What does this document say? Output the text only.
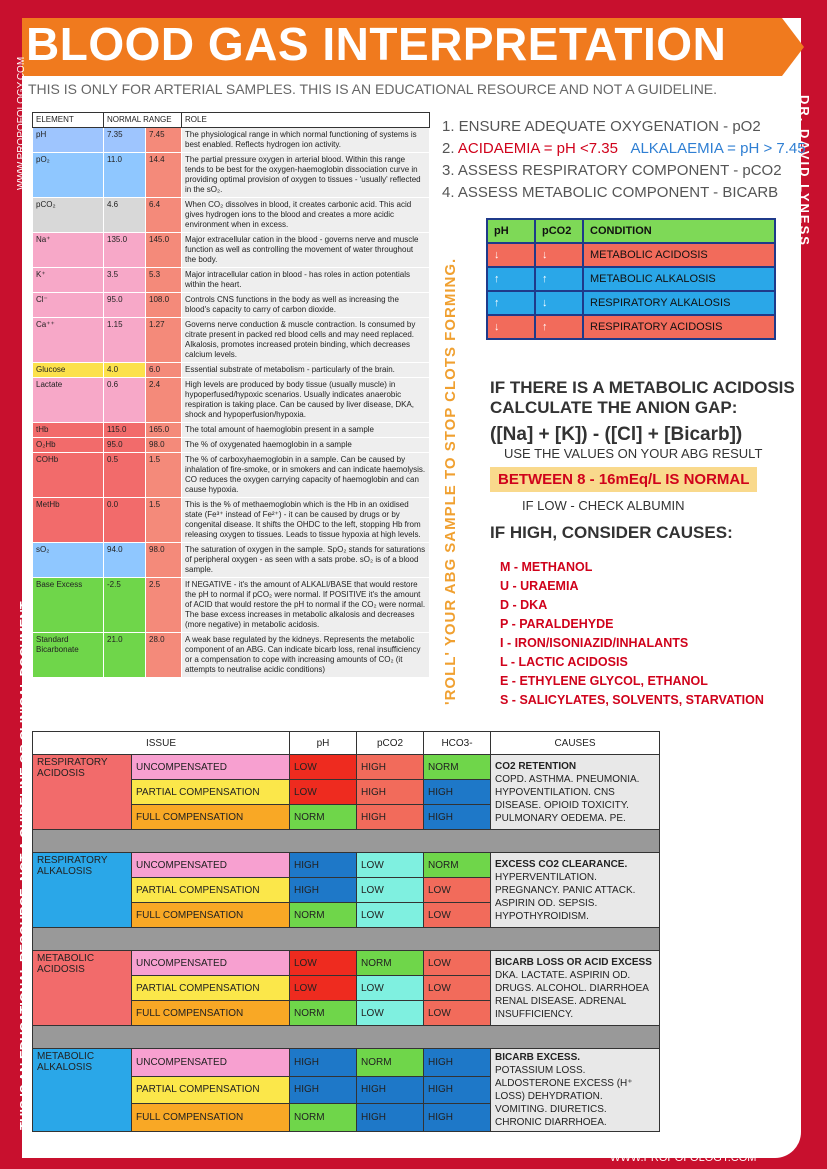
BLOOD GAS INTERPRETATION
THIS IS ONLY FOR ARTERIAL SAMPLES. THIS IS AN EDUCATIONAL RESOURCE AND NOT A GUIDELINE.
WWW.PROPOFOLOGY.COM
THIS IS AN EDUCATIONAL RESOURCE, NOT A GUIDELINE OR CLINICAL DOCUMENT
DR. DAVID LYNESS
'ROLL' YOUR ABG SAMPLE TO STOP CLOTS FORMING.
ELEMENT	NORMAL RANGE		ROLE
pH	7.35	7.45	The physiological range in which normal functioning of systems is best enabled. Reflects hydrogen ion activity.
pO₂	11.0	14.4	The partial pressure oxygen in arterial blood. Within this range tends to be best for the oxygen-haemoglobin dissociation curve in providing optimal provision of oxygen to tissues - 'usually' reflected in the sO₂.
pCO₂	4.6	6.4	When CO₂ dissolves in blood, it creates carbonic acid. This acid gives hydrogen ions to the blood and creates a more acidic environment when in excess.
Na⁺	135.0	145.0	Major extracellular cation in the blood - governs nerve and muscle function as well as controlling the movement of water throughout the body.
K⁺	3.5	5.3	Major intracellular cation in blood - has roles in action potentials within the heart.
Cl⁻	95.0	108.0	Controls CNS functions in the body as well as increasing the blood's capacity to carry of carbon dioxide.
Ca⁺⁺	1.15	1.27	Governs nerve conduction & muscle contraction. Is consumed by citrate present in packed red blood cells and may need replaced. Alkalosis, promotes increased protein binding, which decreases calcium levels.
Glucose	4.0	6.0	Essential substrate of metabolism - particularly of the brain.
Lactate	0.6	2.4	High levels are produced by body tissue (usually muscle) in hypoperfused/hypoxic scenarios. Usually indicates anaerobic respiration is taking place. Can be caused by liver disease, DKA, shock and hypoperfusion/hypoxia.
tHb	115.0	165.0	The total amount of haemoglobin present in a sample
O₂Hb	95.0	98.0	The % of oxygenated haemoglobin in a sample
COHb	0.5	1.5	The % of carboxyhaemoglobin in a sample. Can be caused by inhalation of fire-smoke, or in smokers and can indicate haemolysis. CO reduces the oxygen carrying capacity of haemoglobin and can cause hypoxia.
MetHb	0.0	1.5	This is the % of methaemoglobin which is the Hb in an oxidised state (Fe³⁺ instead of Fe²⁺) - it can be caused by drugs or by congenital disease. It shifts the OHDC to the left, stopping Hb from releasing oxygen to tissues. Leads to tissue hypoxia at high levels.
sO₂	94.0	98.0	The saturation of oxygen in the sample. SpO₂ stands for saturations of peripheral oxygen - as seen with a sats probe. sO₂ is of a blood sample.
Base Excess	-2.5	2.5	If NEGATIVE - it's the amount of ALKALI/BASE that would restore the pH to normal if pCO₂ were normal. If POSITIVE it's the amount of ACID that would restore the pH to normal if the CO₂ were normal. The base excess increases in metabolic alkalosis and decreases (more negative) in metabolic acidosis.
Standard Bicarbonate	21.0	28.0	A weak base regulated by the kidneys. Represents the metabolic component of an ABG. Can indicate bicarb loss, renal insufficiency or a compensation to cope with increasing amounts of CO₂ (it attempts to neutralise acidic conditions)
1. ENSURE ADEQUATE OXYGENATION - pO2
2. ACIDAEMIA = pH <7.35 ALKALAEMIA = pH > 7.45
3. ASSESS RESPIRATORY COMPONENT - pCO2
4. ASSESS METABOLIC COMPONENT - BICARB
pH	pCO2	CONDITION
↓	↓	METABOLIC ACIDOSIS
↑	↑	METABOLIC ALKALOSIS
↑	↓	RESPIRATORY ALKALOSIS
↓	↑	RESPIRATORY ACIDOSIS
IF THERE IS A METABOLIC ACIDOSIS CALCULATE THE ANION GAP:
([Na] + [K]) - ([Cl] + [Bicarb])
USE THE VALUES ON YOUR ABG RESULT
BETWEEN 8 - 16mEq/L IS NORMAL
IF LOW - CHECK ALBUMIN
IF HIGH, CONSIDER CAUSES:
M - METHANOL
U - URAEMIA
D - DKA
P - PARALDEHYDE
I - IRON/ISONIAZID/INHALANTS
L - LACTIC ACIDOSIS
E - ETHYLENE GLYCOL, ETHANOL
S - SALICYLATES, SOLVENTS, STARVATION
ISSUE		pH	pCO2	HCO3-	CAUSES
RESPIRATORY ACIDOSIS	UNCOMPENSATED	LOW	HIGH	NORM	CO2 RETENTION
COPD. ASTHMA. PNEUMONIA. HYPOVENTILATION. CNS DISEASE. OPIOID TOXICITY. PULMONARY OEDEMA. PE.
	PARTIAL COMPENSATION	LOW	HIGH	HIGH	
	FULL COMPENSATION	NORM	HIGH	HIGH	

RESPIRATORY ALKALOSIS	UNCOMPENSATED	HIGH	LOW	NORM	EXCESS CO2 CLEARANCE.
HYPERVENTILATION. PREGNANCY. PANIC ATTACK. ASPIRIN OD. SEPSIS. HYPOTHYROIDISM.
	PARTIAL COMPENSATION	HIGH	LOW	LOW	
	FULL COMPENSATION	NORM	LOW	LOW	

METABOLIC ACIDOSIS	UNCOMPENSATED	LOW	NORM	LOW	BICARB LOSS OR ACID EXCESS
DKA. LACTATE. ASPIRIN OD. DRUGS. ALCOHOL. DIARRHOEA RENAL DISEASE. ADRENAL INSUFFICIENCY.
	PARTIAL COMPENSATION	LOW	LOW	LOW	
	FULL COMPENSATION	NORM	LOW	LOW	

METABOLIC ALKALOSIS	UNCOMPENSATED	HIGH	NORM	HIGH	BICARB EXCESS.
POTASSIUM LOSS. ALDOSTERONE EXCESS (H⁺ LOSS) DEHYDRATION. VOMITING. DIURETICS. CHRONIC DIARRHOEA.
	PARTIAL COMPENSATION	HIGH	HIGH	HIGH	
	FULL COMPENSATION	NORM	HIGH	HIGH	
WWW.PROPOFOLOGY.COM
